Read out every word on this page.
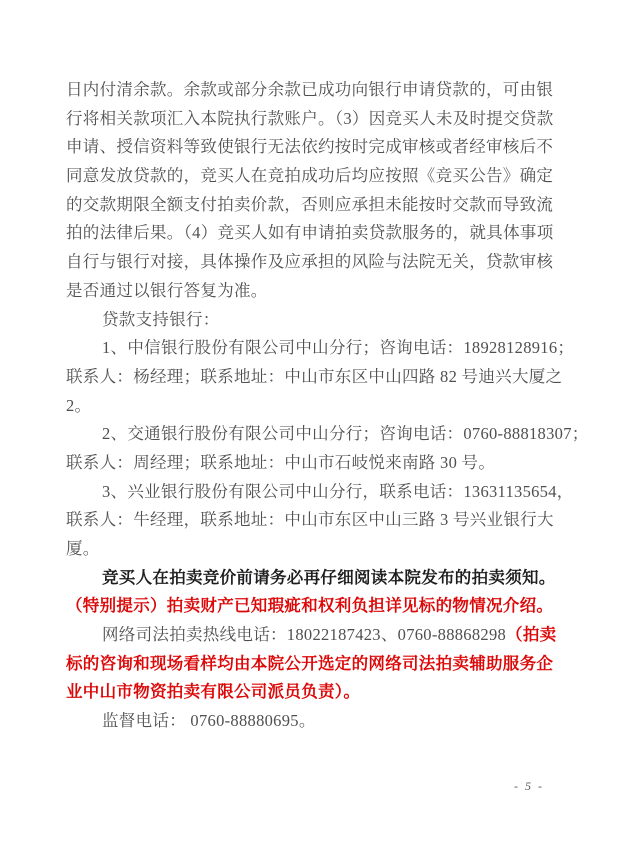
日内付清余款。余款或部分余款已成功向银行申请贷款的，可由银
行将相关款项汇入本院执行款账户。（3）因竞买人未及时提交贷款
申请、授信资料等致使银行无法依约按时完成审核或者经审核后不
同意发放贷款的，竞买人在竞拍成功后均应按照《竞买公告》确定
的交款期限全额支付拍卖价款，否则应承担未能按时交款而导致流
拍的法律后果。（4）竞买人如有申请拍卖贷款服务的，就具体事项
自行与银行对接，具体操作及应承担的风险与法院无关，贷款审核
是否通过以银行答复为准。
贷款支持银行：
1、中信银行股份有限公司中山分行；咨询电话：18928128916；
联系人：杨经理；联系地址：中山市东区中山四路 82 号迪兴大厦之
2。
2、交通银行股份有限公司中山分行；咨询电话：0760-88818307；
联系人：周经理；联系地址：中山市石岐悦来南路 30 号。
3、兴业银行股份有限公司中山分行，联系电话：13631135654，
联系人：牛经理，联系地址：中山市东区中山三路 3 号兴业银行大
厦。
竞买人在拍卖竞价前请务必再仔细阅读本院发布的拍卖须知。
（特别提示）拍卖财产已知瑕疵和权利负担详见标的物情况介绍。
网络司法拍卖热线电话：18022187423、0760-88868298（拍卖
标的咨询和现场看样均由本院公开选定的网络司法拍卖辅助服务企
业中山市物资拍卖有限公司派员负责）。
监督电话： 0760-88880695。
- 5 -
